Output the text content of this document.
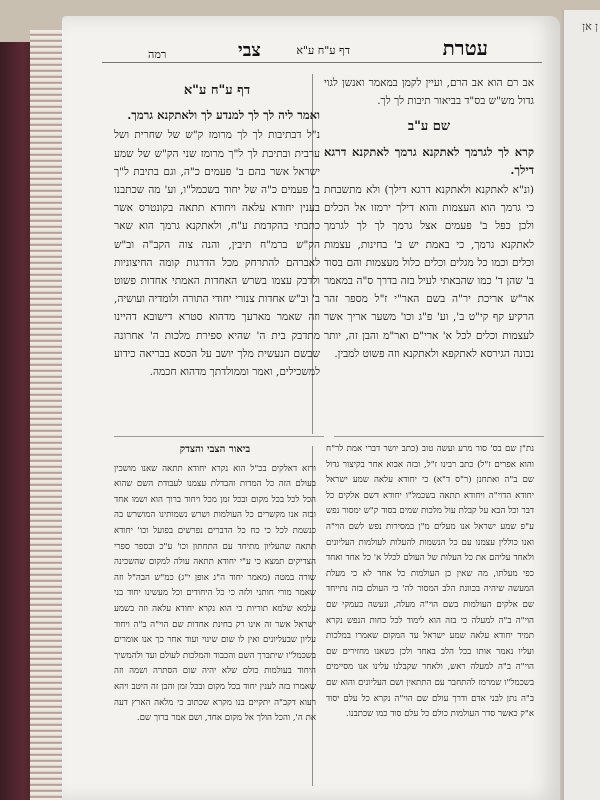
עטרת
דף ע"ח ע"א
צבי
רמה

אב רם הוא אב הרם, ועיין לקמן במאמר ואנשן לגוי גדול מש"ש בס"ד בביאור תיבות לך לך.

שם ע"ב

קרא לך לגרמך לאתקנא גרמך לאתקנא דרגא דילך.

(ונ"א לאתקנא ולאתקנא דרגא דילך) ולא מתשבחת כי גרמך הוא העצמות והוא דילך ירמזו אל הכלים ולכן כפל ב' פעמים אצל גרמך לך לך לגרמך לאתקנא גרמך, כי באמת יש ב' בחינות, עצמות וכלים וכמו כל מגלים וכלים כלול מעצמות והם בסוד ב' שהן ד' כמו שהבאתי לעיל בזה בדרך ס"ה במאמר אר"ש אריכת יר"ה בשם האר"י ז"ל מספר זהר הרקיע קף קי"ט ב', וע' פ"ג וכו' משער אריך אשר לעצמות וכלים לכל א' ארי"ם ואר"מ והבן זה, יותר נכונה הגירסא לאתקפא ולאתקנא וזה פשוט למבין.

דף ע"ח ע"א

ואמר ליה לך לך למנדע לך ולאתקנא גרמך.

נ"ל דבתיבות לך לך מרומז ק"ש של שחרית ושל ערבית ובתיבת לך ל"ך מרומז שני הק"ש של שמע ישראל אשר בהם ב' פעמים כ"ה, וגם בתיבת ל"ך ב' פעמים כ"ה של יחוד בשכמל"ו, וע' מה שכתבנו בענין יחודא עלאה ויחודא תתאה בקונטרס אשר כתבתי בהקדמת ע"ח, ולאתקנא גרמך הוא שאר הק"ש ברמ"ח תיבין, והנה צוה הקב"ה וב"ש לאברהם להתרחק מכל הדרגות קומה החיצוניות ולדבק עצמו בשרש האחדות האמתי אחדות פשוט ב' וב"ש אחדות צנורי יחודי התורה ולומדיה ועושיה, וזה שאמר מארעך מדהוא סטרא דישובא דהיינו מתדבק בית ה' שהיא ספירת מלכות ה' אחרונה שבשם הנעשית מלך יושב על הכסא בבריאה כידוע למשכילים, ואמר וממולדתך מדהוא חכמה.

נת"ן שם בס' סור מרע ועשה טוב (כתב יושר דברי אמת לר"ח והוא אפרים ז"ל) כתב רבינו ז"ל, ובזה אבוא אחר בקיצור גדול שם ב"ה ואתחנן (ר"ס ד"א) כי יחודא עלאה שמע ישראל יחודא הדוי"ה ויחודא תתאה בשכמל"ו יחודא דשם אלקים כל דבר וכל הבא על קבלת עול מלכות שמים בסוד ק"ש ימסור נפש ע"פ שמע ישראל אנו מעלים מ"ן במסירות נפש לשם הוי"ה ואנו כוללין עצמנו עם כל הנשמות להעלות לעולמות העליונים ולאחד עליהם את כל העלות של העולם לכלל א' כל אחד ואחד כפי מעלתו, מה שאין כן העולמות כל אחד לא כי מעלת המעשה שיהיה בכוונת הלב המסור לה' כי העולם בזה נתייחד שם אלקים העולמות בשם הוי"ה מעלה, ונעשה בעמקי שם הוי"ה ב"ה למעלה כי בזה הוא לימוד לכל כחות הנפש נקרא תמיד יחודא עלאה שמע ישראל עד המקום שאמרו במלכות ועליו נאמר אותו בכל הלב באחד ולכן כשאנו מחזירים שם הוי"ה ב"ה למעלה ראש, ולאחר שקבלנו עלינו אנו מסיימים בשכמל"ו שמרמז להתחבר עם התתאין ושם העליונים והוא שם ב"ה נתן לבני אדם ודרך עולם שם הוי"ה נקרא כל עלם יסוד א"ק כאשר סדר העולמות כולם כל עלם סוד כמו שכתבנו.

ביאור הצבי והצדק

ורזא דאלקים בכ"ל הוא נקרא יחודא תתאה שאנו מושכין בעולם הזה כל המדות והבדלת עצמנו לעבודת השם שהוא הכל לכל בכל מקום ובכל זמן מכל ויחוד ברוך הוא ושמו אחד ובזה אנו מקשרים כל העולמות ושרש נשמותינו המושרש בה כנשמת לכל כי כח כל הדברים נפרשים בפועל וכו' יחודא תתאה שהעליון מתיחד עם התחתון וכו' ע"כ ובספר ספרי הצדיקים תמצא כי ע"י יחודא תתאה עולה למקום שהשכינה שורה במטה (מאמר יחוד ה"ג אופן י"ג) כמ"ש הבה"ל וזה שאמר מורי חותני ולזה כי כל היחודים וכל מעשינו יחוד בני עלמא שלמא תוריות כי הוא נקרא יחודא עלאה וזה בשמע ישראל אשר זה אינו רק בחינת אחדות שם הוי"ה ב"ה ויחוד עליון שבעליונים ואין לו שום שינוי ועוד אחר כך אנו אומרים בשכמל"ו שיתברך השם והכבוד והמלכות לעולם ועד ולהמשיך היחוד בעולמות כולם שלא יהיה שום הסתרה ושמה וזה שאמרו בזה לענין יחוד בכל מקום ובכל זמן והבן זה היטב ויהא רעוא דקב"ה יתקיים בנו מקרא שכתוב כי מלאה הארץ דעה את ה', והכל הולך אל מקום אחד, ושם אמר ברוך שם.

ן אן
